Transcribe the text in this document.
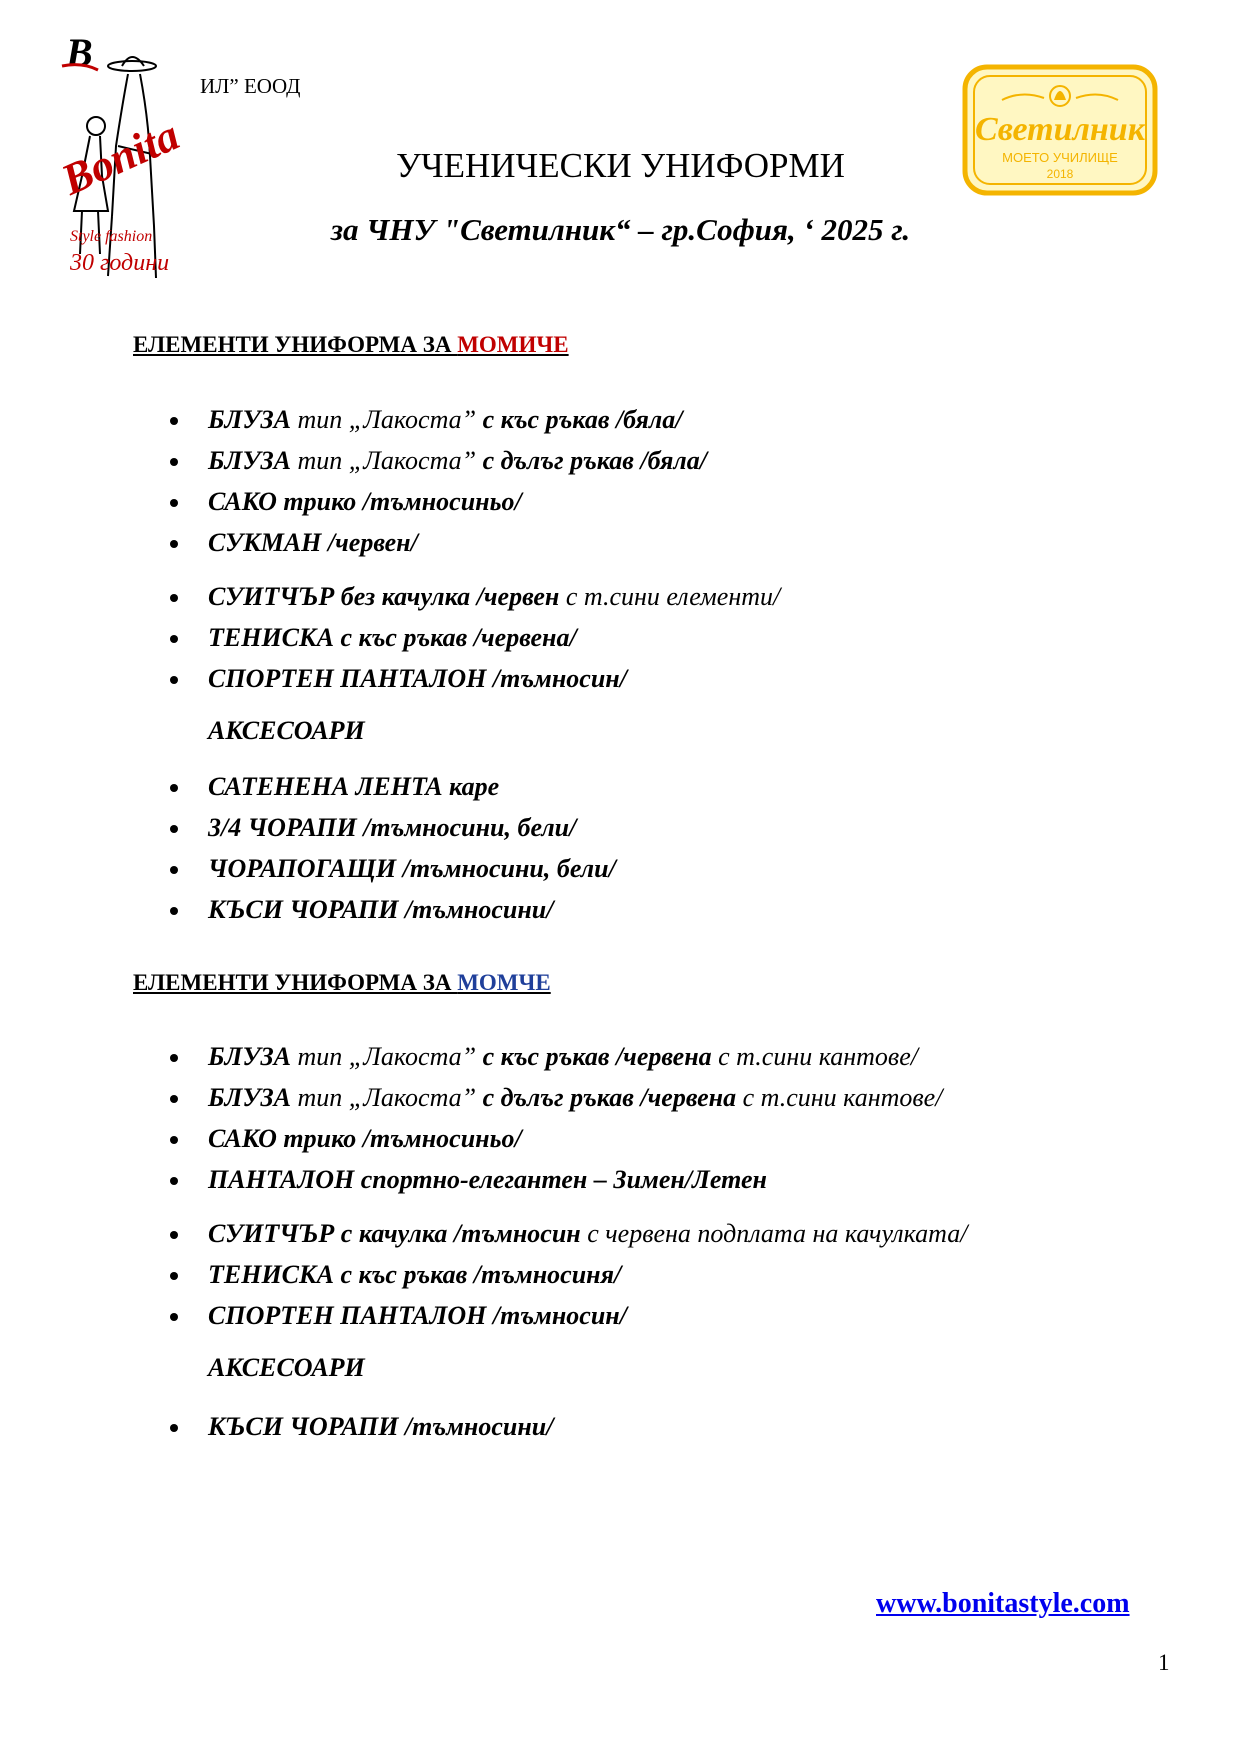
B
Bonita
Style fashion
30 години
ИЛ” ЕООД
Светилник
МОЕТО УЧИЛИЩЕ
2018
УЧЕНИЧЕСКИ УНИФОРМИ
за ЧНУ "Светилник“ – гр.София, ‘ 2025 г.
ЕЛЕМЕНТИ УНИФОРМА ЗА МОМИЧЕ
БЛУЗА тип „Лакоста” с къс ръкав /бяла/
БЛУЗА тип „Лакоста” с дълъг ръкав /бяла/
САКО трико /тъмносиньо/
СУКМАН /червен/
СУИТЧЪР без качулка /червен с т.сини елементи/
ТЕНИСКА с къс ръкав /червена/
СПОРТЕН ПАНТАЛОН /тъмносин/
АКСЕСОАРИ
САТЕНЕНА ЛЕНТА каре
3/4 ЧОРАПИ /тъмносини, бели/
ЧОРАПОГАЩИ /тъмносини, бели/
КЪСИ ЧОРАПИ /тъмносини/
ЕЛЕМЕНТИ УНИФОРМА ЗА МОМЧЕ
БЛУЗА тип „Лакоста” с къс ръкав /червена с т.сини кантове/
БЛУЗА тип „Лакоста” с дълъг ръкав /червена с т.сини кантове/
САКО трико /тъмносиньо/
ПАНТАЛОН спортно-елегантен – Зимен/Летен
СУИТЧЪР с качулка /тъмносин с червена подплата на качулката/
ТЕНИСКА с къс ръкав /тъмносиня/
СПОРТЕН ПАНТАЛОН /тъмносин/
АКСЕСОАРИ
КЪСИ ЧОРАПИ /тъмносини/
www.bonitastyle.com
1
